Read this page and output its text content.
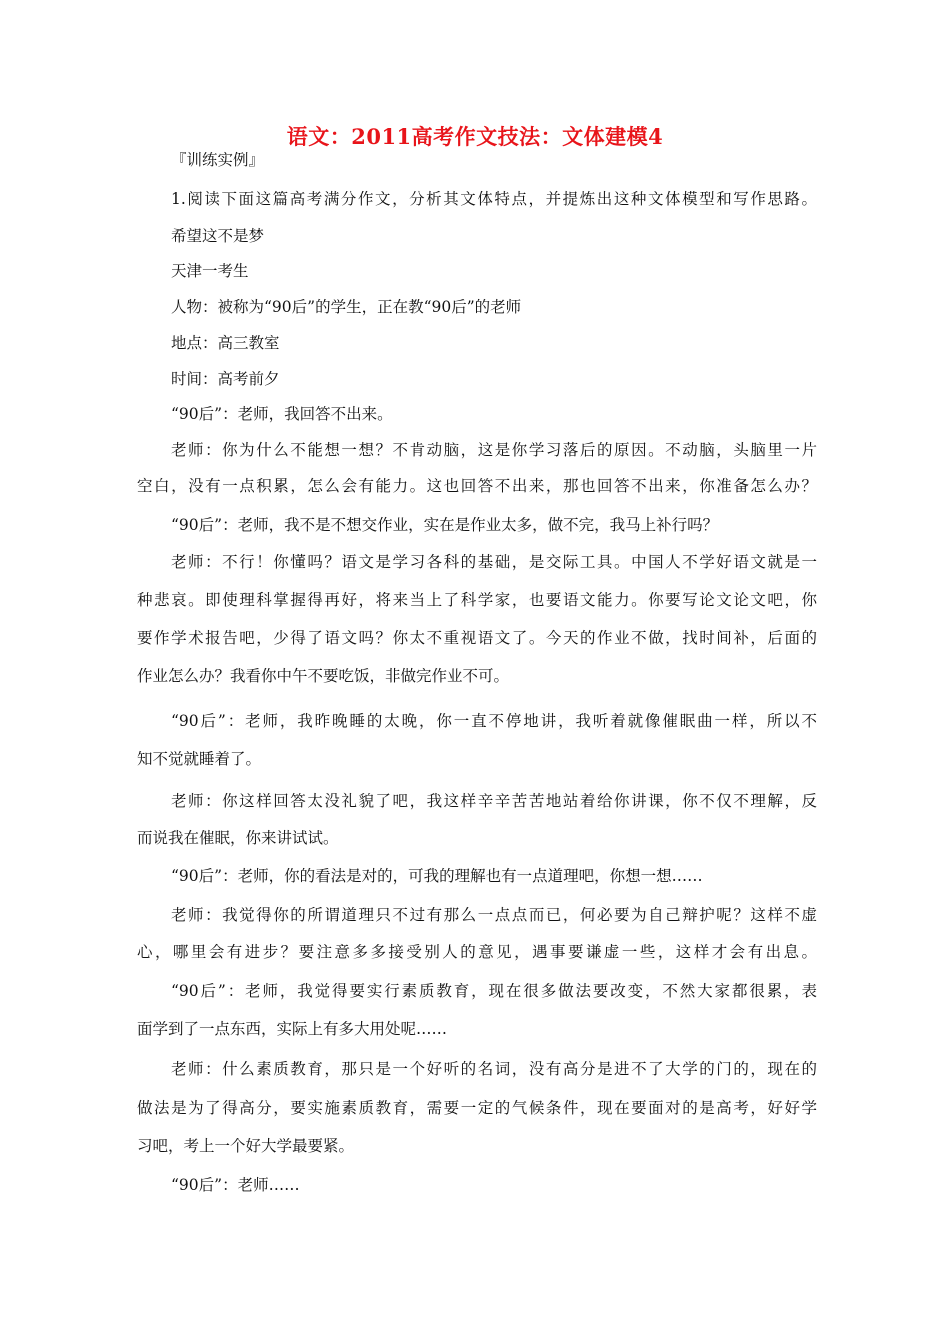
语文：2011高考作文技法：文体建模4
『训练实例』
1.阅读下面这篇高考满分作文，分析其文体特点，并提炼出这种文体模型和写作思路。
希望这不是梦
天津一考生
人物：被称为“90后”的学生，正在教“90后”的老师
地点：高三教室
时间：高考前夕
“90后”：老师，我回答不出来。
老师：你为什么不能想一想？不肯动脑，这是你学习落后的原因。不动脑，头脑里一片
空白，没有一点积累，怎么会有能力。这也回答不出来，那也回答不出来，你准备怎么办？
“90后”：老师，我不是不想交作业，实在是作业太多，做不完，我马上补行吗？
老师：不行！你懂吗？语文是学习各科的基础，是交际工具。中国人不学好语文就是一
种悲哀。即使理科掌握得再好，将来当上了科学家，也要语文能力。你要写论文论文吧，你
要作学术报告吧，少得了语文吗？你太不重视语文了。今天的作业不做，找时间补，后面的
作业怎么办？我看你中午不要吃饭，非做完作业不可。
“90后”：老师，我昨晚睡的太晚，你一直不停地讲，我听着就像催眠曲一样，所以不
知不觉就睡着了。
老师：你这样回答太没礼貌了吧，我这样辛辛苦苦地站着给你讲课，你不仅不理解，反
而说我在催眠，你来讲试试。
“90后”：老师，你的看法是对的，可我的理解也有一点道理吧，你想一想……
老师：我觉得你的所谓道理只不过有那么一点点而已，何必要为自己辩护呢？这样不虚
心，哪里会有进步？要注意多多接受别人的意见，遇事要谦虚一些，这样才会有出息。
“90后”：老师，我觉得要实行素质教育，现在很多做法要改变，不然大家都很累，表
面学到了一点东西，实际上有多大用处呢……
老师：什么素质教育，那只是一个好听的名词，没有高分是进不了大学的门的，现在的
做法是为了得高分，要实施素质教育，需要一定的气候条件，现在要面对的是高考，好好学
习吧，考上一个好大学最要紧。
“90后”：老师……
